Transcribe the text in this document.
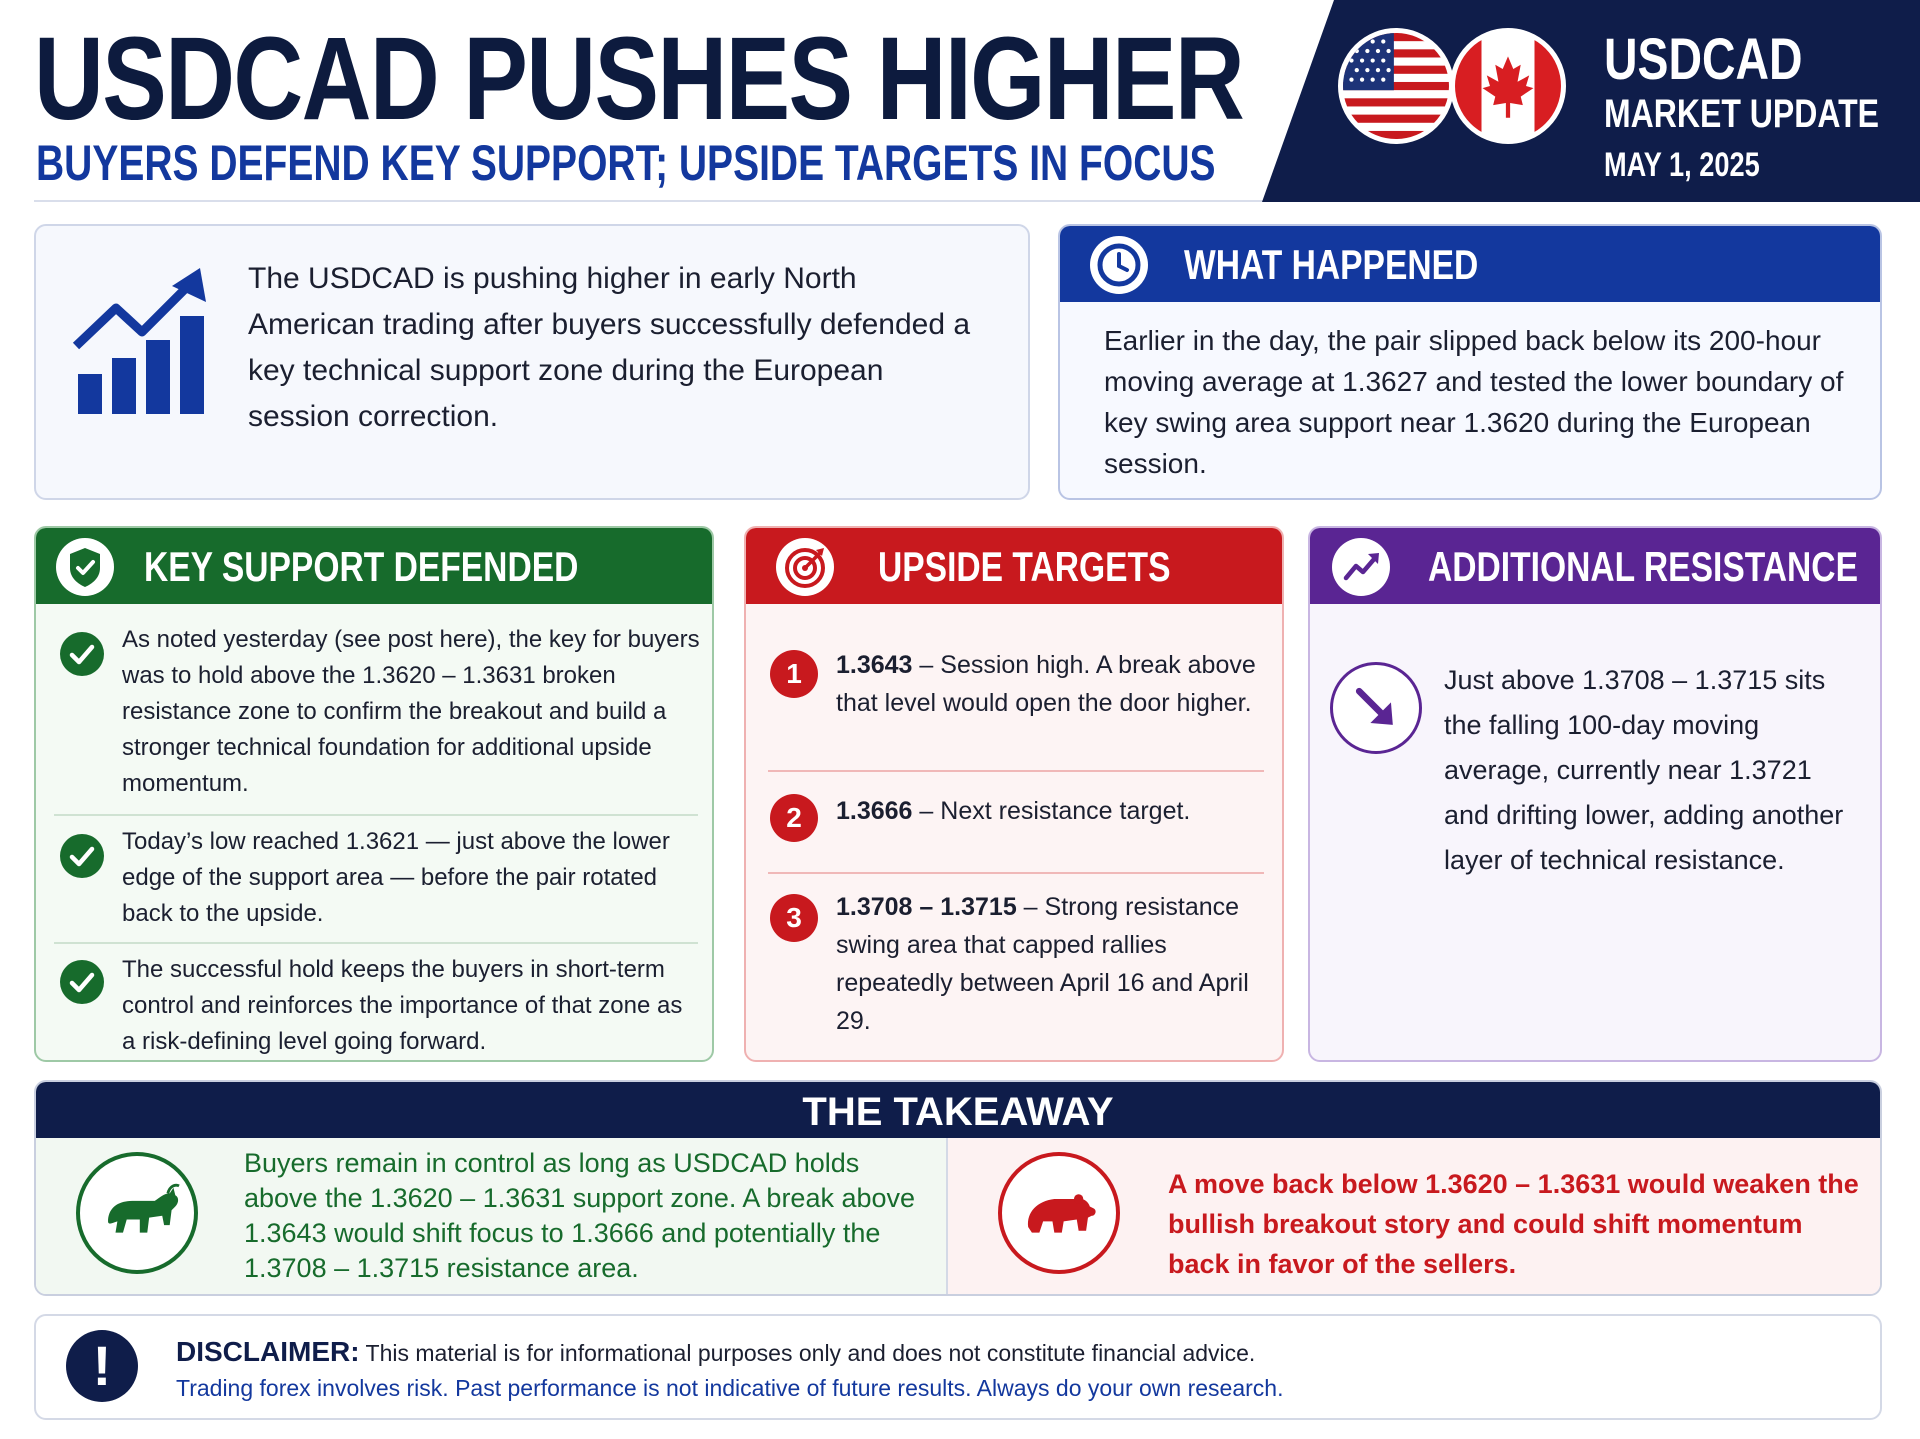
USDCAD PUSHES HIGHER
BUYERS DEFEND KEY SUPPORT; UPSIDE TARGETS IN FOCUS
USDCAD
MARKET UPDATE
MAY 1, 2025
The USDCAD is pushing higher in early North American trading after buyers successfully defended a key technical support zone during the European session correction.
WHAT HAPPENED
Earlier in the day, the pair slipped back below its 200-hour moving average at 1.3627 and tested the lower boundary of key swing area support near 1.3620 during the European session.
KEY SUPPORT DEFENDED
As noted yesterday (see post here), the key for buyers was to hold above the 1.3620 – 1.3631 broken resistance zone to confirm the breakout and build a stronger technical foundation for additional upside momentum.
Today’s low reached 1.3621 — just above the lower edge of the support area — before the pair rotated back to the upside.
The successful hold keeps the buyers in short-term control and reinforces the importance of that zone as a risk-defining level going forward.
UPSIDE TARGETS
1	1.3643 – Session high. A break above that level would open the door higher.
2	1.3666 – Next resistance target.
3	1.3708 – 1.3715 – Strong resistance swing area that capped rallies repeatedly between April 16 and April 29.
ADDITIONAL RESISTANCE
Just above 1.3708 – 1.3715 sits the falling 100-day moving average, currently near 1.3721 and drifting lower, adding another layer of technical resistance.
THE TAKEAWAY
Buyers remain in control as long as USDCAD holds above the 1.3620 – 1.3631 support zone. A break above 1.3643 would shift focus to 1.3666 and potentially the 1.3708 – 1.3715 resistance area.
A move back below 1.3620 – 1.3631 would weaken the bullish breakout story and could shift momentum back in favor of the sellers.
!	DISCLAIMER: This material is for informational purposes only and does not constitute financial advice.
Trading forex involves risk. Past performance is not indicative of future results. Always do your own research.
